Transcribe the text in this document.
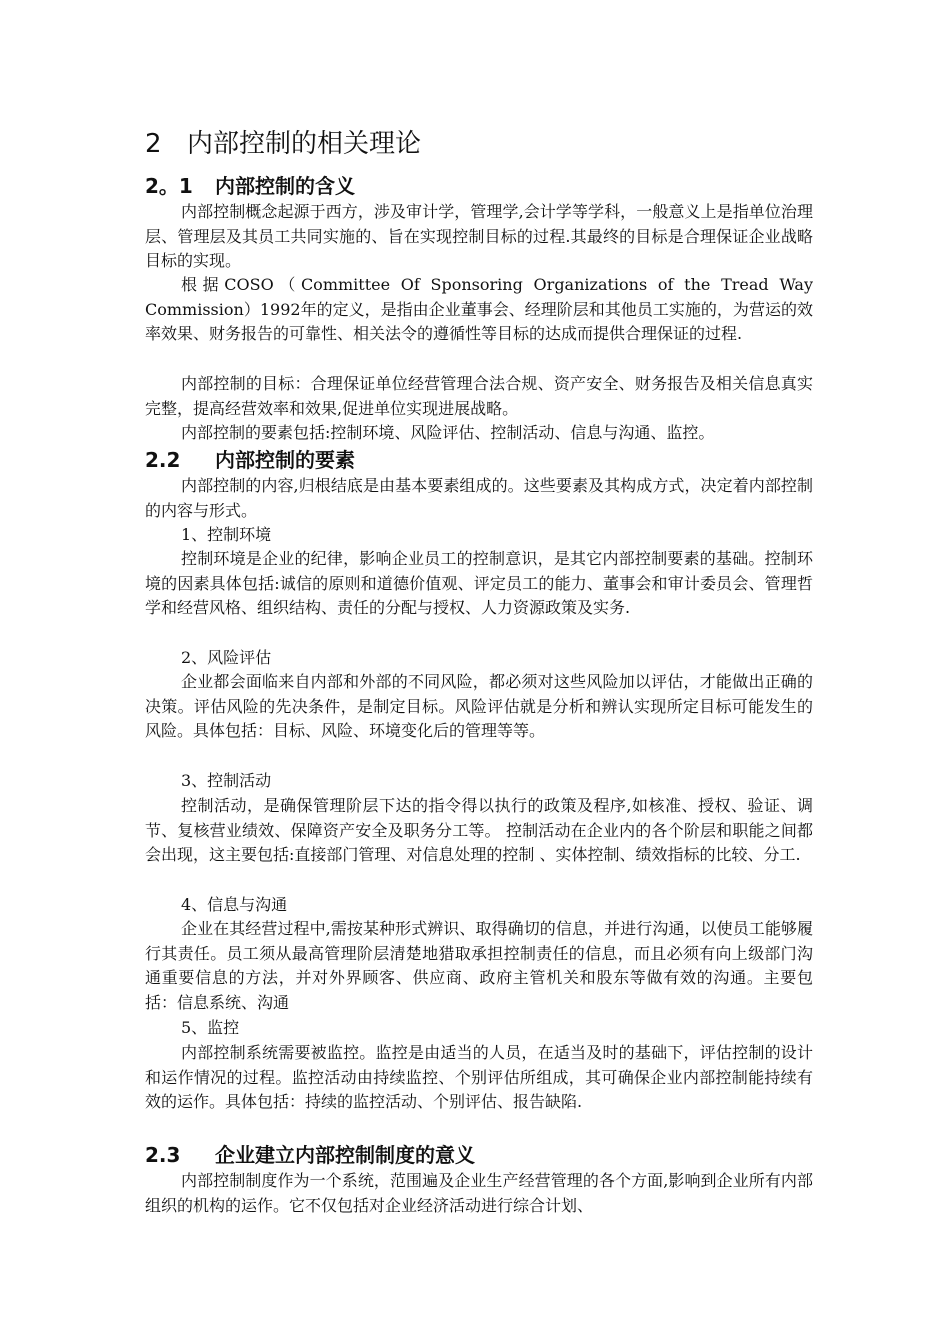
2 内部控制的相关理论
2。1 内部控制的含义

内部控制概念起源于西方，涉及审计学，管理学,会计学等学科，一般意义上是指单位治理层、管理层及其员工共同实施的、旨在实现控制目标的过程.其最终的目标是合理保证企业战略目标的实现。

根据COSO（Committee Of Sponsoring Organizations of the Tread Way Commission）1992年的定义，是指由企业董事会、经理阶层和其他员工实施的，为营运的效率效果、财务报告的可靠性、相关法令的遵循性等目标的达成而提供合理保证的过程.

内部控制的目标：合理保证单位经营管理合法合规、资产安全、财务报告及相关信息真实完整，提高经营效率和效果,促进单位实现进展战略。

内部控制的要素包括:控制环境、风险评估、控制活动、信息与沟通、监控。

2.2 内部控制的要素

内部控制的内容,归根结底是由基本要素组成的。这些要素及其构成方式，决定着内部控制的内容与形式。

1、控制环境

控制环境是企业的纪律，影响企业员工的控制意识，是其它内部控制要素的基础。控制环境的因素具体包括:诚信的原则和道德价值观、评定员工的能力、董事会和审计委员会、管理哲学和经营风格、组织结构、责任的分配与授权、人力资源政策及实务.

2、风险评估

企业都会面临来自内部和外部的不同风险，都必须对这些风险加以评估，才能做出正确的决策。评估风险的先决条件，是制定目标。风险评估就是分析和辨认实现所定目标可能发生的风险。具体包括：目标、风险、环境变化后的管理等等。

3、控制活动

控制活动，是确保管理阶层下达的指令得以执行的政策及程序,如核准、授权、验证、调节、复核营业绩效、保障资产安全及职务分工等。 控制活动在企业内的各个阶层和职能之间都会出现，这主要包括:直接部门管理、对信息处理的控制 、实体控制、绩效指标的比较、分工.

4、信息与沟通

企业在其经营过程中,需按某种形式辨识、取得确切的信息，并进行沟通，以使员工能够履行其责任。员工须从最高管理阶层清楚地猎取承担控制责任的信息，而且必须有向上级部门沟通重要信息的方法，并对外界顾客、供应商、政府主管机关和股东等做有效的沟通。主要包括：信息系统、沟通

5、监控

内部控制系统需要被监控。监控是由适当的人员，在适当及时的基础下，评估控制的设计和运作情况的过程。监控活动由持续监控、个别评估所组成，其可确保企业内部控制能持续有效的运作。具体包括：持续的监控活动、个别评估、报告缺陷.

2.3 企业建立内部控制制度的意义

内部控制制度作为一个系统，范围遍及企业生产经营管理的各个方面,影响到企业所有内部组织的机构的运作。它不仅包括对企业经济活动进行综合计划、
